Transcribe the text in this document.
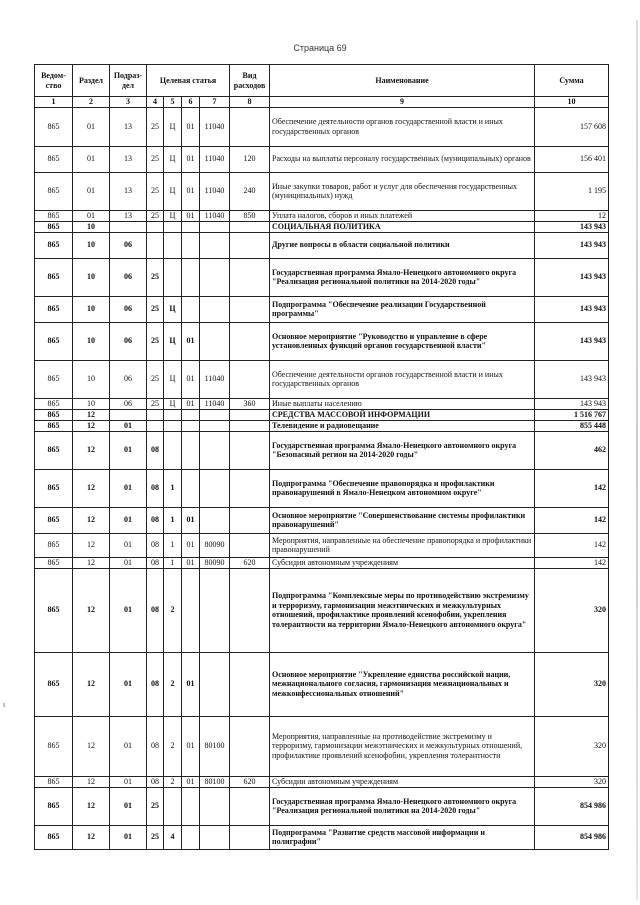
Страница 69
ι
Ведом-ство	Раздел	Подраз-дел	Целевая статья				Вид расходов	Наименование	Сумма
1	2	3	4	5	6	7	8	9	10
865	01	13	25	Ц	01	11040		Обеспечение деятельности органов государственной власти и иных государственных органов	157 608
865	01	13	25	Ц	01	11040	120	Расходы на выплаты персоналу государственных (муниципальных) органов	156 401
865	01	13	25	Ц	01	11040	240	Иные закупки товаров, работ и услуг для обеспечения государственных (муниципальных) нужд	1 195
865	01	13	25	Ц	01	11040	850	Уплата налогов, сборов и иных платежей	12
865	10							СОЦИАЛЬНАЯ ПОЛИТИКА	143 943
865	10	06						Другие вопросы в области социальной политики	143 943
865	10	06	25					Государственная программа Ямало-Ненецкого автономного округа "Реализация региональной политики на 2014-2020 годы"	143 943
865	10	06	25	Ц				Подпрограмма "Обеспечение реализации Государственной программы"	143 943
865	10	06	25	Ц	01			Основное мероприятие "Руководство и управление в сфере установленных функций органов государственной власти"	143 943
865	10	06	25	Ц	01	11040		Обеспечение деятельности органов государственной власти и иных государственных органов	143 943
865	10	06	25	Ц	01	11040	360	Иные выплаты населению	143 943
865	12							СРЕДСТВА МАССОВОЙ ИНФОРМАЦИИ	1 516 767
865	12	01						Телевидение и радиовещание	855 448
865	12	01	08					Государственная программа Ямало-Ненецкого автономного округа "Безопасный регион на 2014-2020 годы"	462
865	12	01	08	1				Подпрограмма "Обеспечение правопорядка и профилактики правонарушений в Ямало-Ненецком автономном округе"	142
865	12	01	08	1	01			Основное мероприятие "Совершенствование системы профилактики правонарушений"	142
865	12	01	08	1	01	80090		Мероприятия, направленные на обеспечение правопорядка и профилактики правонарушений	142
865	12	01	08	1	01	80090	620	Субсидии автономным учреждениям	142
865	12	01	08	2				Подпрограмма "Комплексные меры по противодействию экстремизму и терроризму, гармонизации межэтнических и межкультурных отношений, профилактике проявлений ксенофобии, укрепления толерантности на территории Ямало-Ненецкого автономного округа"	320
865	12	01	08	2	01			Основное мероприятие "Укрепление единства российской нации, межнационального согласия, гармонизация межнациональных и межконфессиональных отношений"	320
865	12	01	08	2	01	80100		Мероприятия, направленные на противодействие экстремизму и терроризму, гармонизации межэтнических и межкультурных отношений, профилактике проявлений ксенофобии, укрепления толерантности	320
865	12	01	08	2	01	80100	620	Субсидии автономным учреждениям	320
865	12	01	25					Государственная программа Ямало-Ненецкого автономного округа "Реализация региональной политики на 2014-2020 годы"	854 986
865	12	01	25	4				Подпрограмма "Развитие средств массовой информации и полиграфии"	854 986
